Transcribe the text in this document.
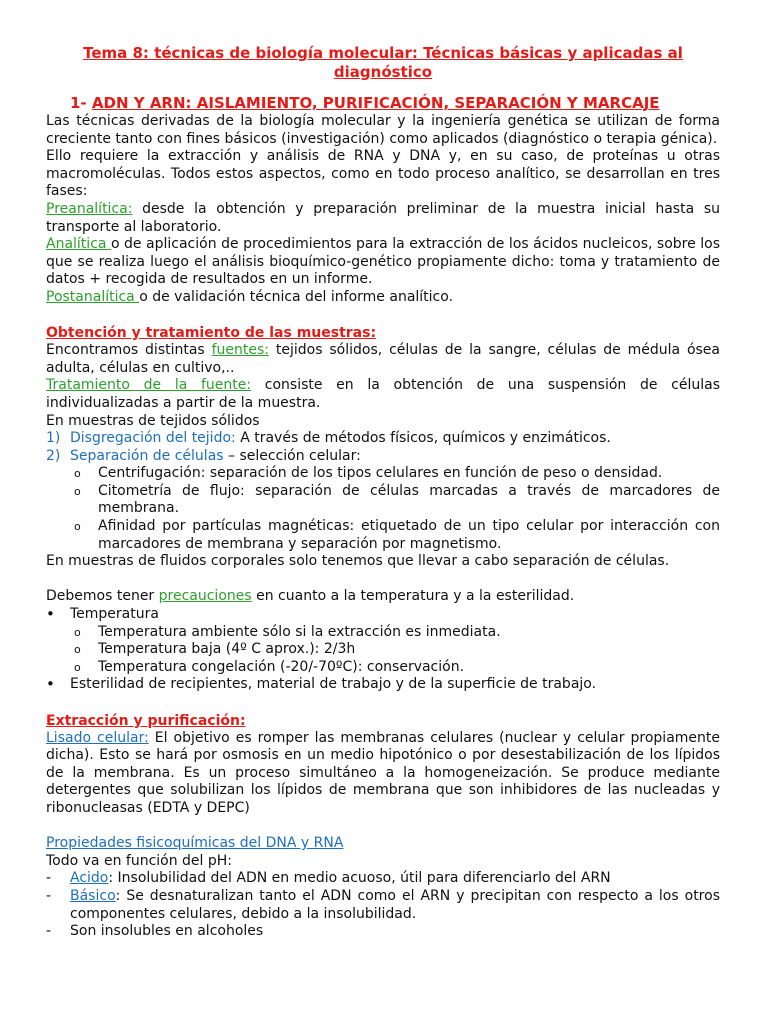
Tema 8: técnicas de biología molecular: Técnicas básicas y aplicadas al diagnóstico

1- ADN Y ARN: AISLAMIENTO, PURIFICACIÓN, SEPARACIÓN Y MARCAJE

Las técnicas derivadas de la biología molecular y la ingeniería genética se utilizan de forma creciente tanto con fines básicos (investigación) como aplicados (diagnóstico o terapia génica).

Ello requiere la extracción y análisis de RNA y DNA y, en su caso, de proteínas u otras macromoléculas. Todos estos aspectos, como en todo proceso analítico, se desarrollan en tres fases:

Preanalítica: desde la obtención y preparación preliminar de la muestra inicial hasta su transporte al laboratorio.

Analítica o de aplicación de procedimientos para la extracción de los ácidos nucleicos, sobre los que se realiza luego el análisis bioquímico-genético propiamente dicho: toma y tratamiento de datos + recogida de resultados en un informe.

Postanalítica o de validación técnica del informe analítico.

Obtención y tratamiento de las muestras:

Encontramos distintas fuentes: tejidos sólidos, células de la sangre, células de médula ósea adulta, células en cultivo,..

Tratamiento de la fuente: consiste en la obtención de una suspensión de células individualizadas a partir de la muestra.

En muestras de tejidos sólidos

1) Disgregación del tejido: A través de métodos físicos, químicos y enzimáticos.
2) Separación de células – selección celular:
o	Centrifugación: separación de los tipos celulares en función de peso o densidad.
o	Citometría de flujo: separación de células marcadas a través de marcadores de membrana.
o	Afinidad por partículas magnéticas: etiquetado de un tipo celular por interacción con marcadores de membrana y separación por magnetismo.

En muestras de fluidos corporales solo tenemos que llevar a cabo separación de células.

Debemos tener precauciones en cuanto a la temperatura y a la esterilidad.

•	Temperatura
o	Temperatura ambiente sólo si la extracción es inmediata.
o	Temperatura baja (4º C aprox.): 2/3h
o	Temperatura congelación (-20/-70ºC): conservación.
•	Esterilidad de recipientes, material de trabajo y de la superficie de trabajo.

Extracción y purificación:

Lisado celular: El objetivo es romper las membranas celulares (nuclear y celular propiamente dicha). Esto se hará por osmosis en un medio hipotónico o por desestabilización de los lípidos de la membrana. Es un proceso simultáneo a la homogeneización. Se produce mediante detergentes que solubilizan los lípidos de membrana que son inhibidores de las nucleadas y ribonucleasas (EDTA y DEPC)

Propiedades fisicoquímicas del DNA y RNA

Todo va en función del pH:

-	Acido: Insolubilidad del ADN en medio acuoso, útil para diferenciarlo del ARN
-	Básico: Se desnaturalizan tanto el ADN como el ARN y precipitan con respecto a los otros componentes celulares, debido a la insolubilidad.
-	Son insolubles en alcoholes
